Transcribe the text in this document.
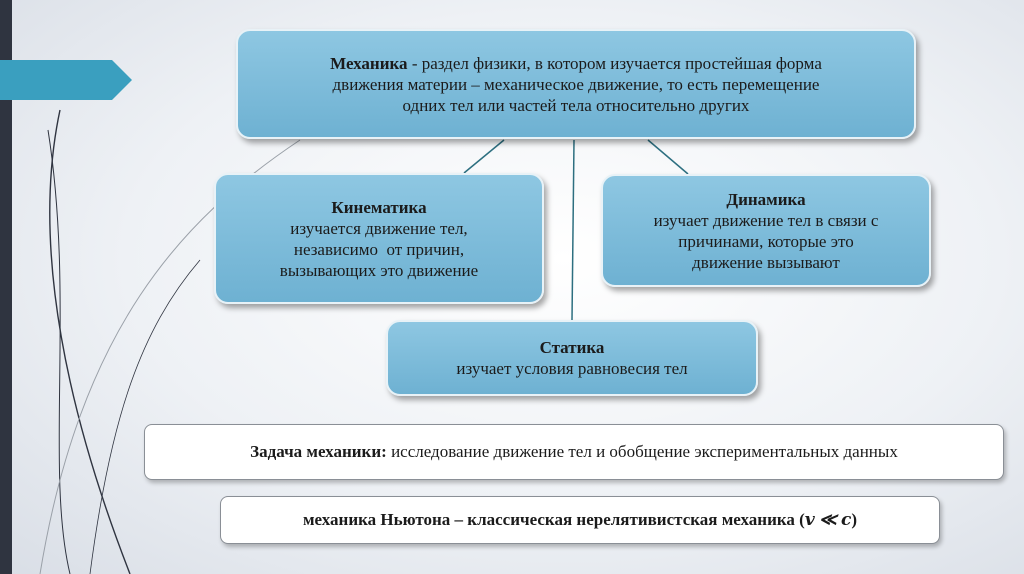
Механика - раздел физики, в котором изучается простейшая форма
движения материи – механическое движение, то есть перемещение
одних тел или частей тела относительно других
Кинематика
изучается движение тел,
независимо  от причин,
вызывающих это движение
Динамика
изучает движение тел в связи с
причинами, которые это
движение вызывают
Статика
изучает условия равновесия тел
Задача механики: исследование движение тел и обобщение экспериментальных данных
механика Ньютона – классическая нерелятивистская механика ( 𝒗 ≪ 𝒄 )
